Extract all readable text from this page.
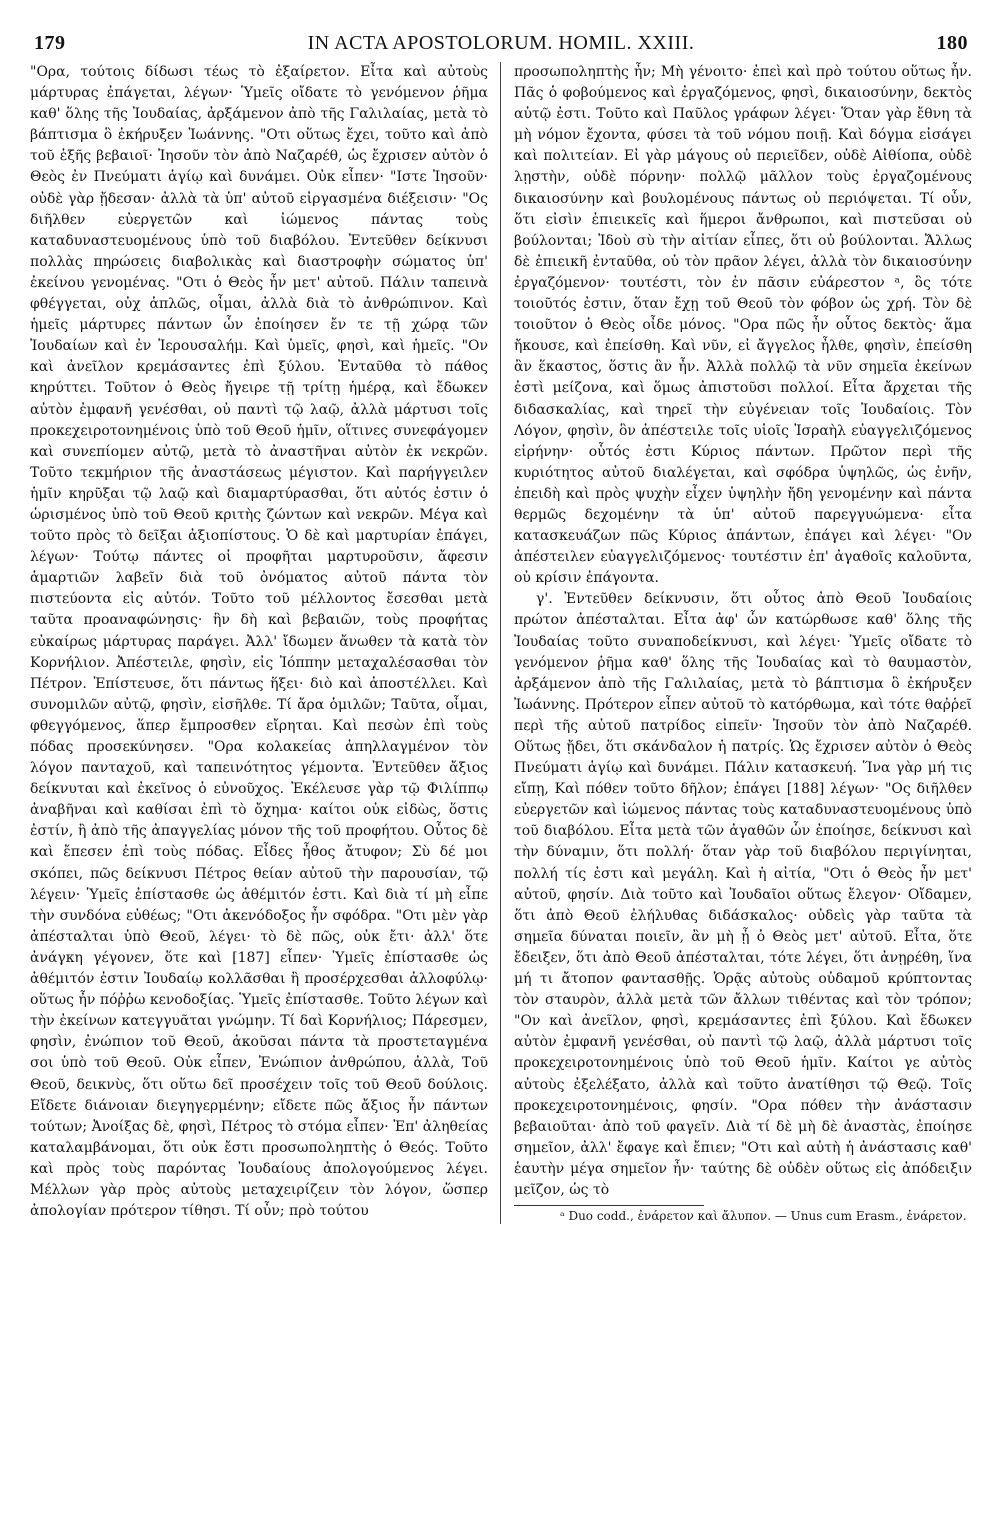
179	IN ACTA APOSTOLORUM. HOMIL. XXIII.	180

"Ορα, τούτοις δίδωσι τέως τὸ ἐξαίρετον. Εἶτα καὶ αὐτοὺς μάρτυρας ἐπάγεται, λέγων· Ὑμεῖς οἴδατε τὸ γενόμενον ῥῆμα καθ' ὅλης τῆς Ἰουδαίας, ἀρξάμενον ἀπὸ τῆς Γαλιλαίας, μετὰ τὸ βάπτισμα ὃ ἐκήρυξεν Ἰωάννης. "Οτι οὕτως ἔχει, τοῦτο καὶ ἀπὸ τοῦ ἑξῆς βεβαιοῖ· Ἰησοῦν τὸν ἀπὸ Ναζαρέθ, ὡς ἔχρισεν αὐτὸν ὁ Θεὸς ἐν Πνεύματι ἁγίῳ καὶ δυνάμει. Οὐκ εἶπεν· "Ιστε Ἰησοῦν· οὐδὲ γὰρ ᾔδεσαν· ἀλλὰ τὰ ὑπ' αὐτοῦ εἰργασμένα διέξεισιν· "Ος διῆλθεν εὐεργετῶν καὶ ἰώμενος πάντας τοὺς καταδυναστευομένους ὑπὸ τοῦ διαβόλου. Ἐντεῦθεν δείκνυσι πολλὰς πηρώσεις διαβολικὰς καὶ διαστροφὴν σώματος ὑπ' ἐκείνου γενομένας. "Οτι ὁ Θεὸς ἦν μετ' αὐτοῦ. Πάλιν ταπεινὰ φθέγγεται, οὐχ ἁπλῶς, οἶμαι, ἀλλὰ διὰ τὸ ἀνθρώπινον. Καὶ ἡμεῖς μάρτυρες πάντων ὧν ἐποίησεν ἔν τε τῇ χώρᾳ τῶν Ἰουδαίων καὶ ἐν Ἱερουσαλήμ. Καὶ ὑμεῖς, φησὶ, καὶ ἡμεῖς. "Ον καὶ ἀνεῖλον κρεμάσαντες ἐπὶ ξύλου. Ἐνταῦθα τὸ πάθος κηρύττει. Τοῦτον ὁ Θεὸς ἤγειρε τῇ τρίτῃ ἡμέρᾳ, καὶ ἔδωκεν αὐτὸν ἐμφανῆ γενέσθαι, οὐ παντὶ τῷ λαῷ, ἀλλὰ μάρτυσι τοῖς προκεχειροτονημένοις ὑπὸ τοῦ Θεοῦ ἡμῖν, οἵτινες συνεφάγομεν καὶ συνεπίομεν αὐτῷ, μετὰ τὸ ἀναστῆναι αὐτὸν ἐκ νεκρῶν. Τοῦτο τεκμήριον τῆς ἀναστάσεως μέγιστον. Καὶ παρήγγειλεν ἡμῖν κηρῦξαι τῷ λαῷ καὶ διαμαρτύρασθαι, ὅτι αὐτός ἐστιν ὁ ὡρισμένος ὑπὸ τοῦ Θεοῦ κριτὴς ζώντων καὶ νεκρῶν. Μέγα καὶ τοῦτο πρὸς τὸ δεῖξαι ἀξιοπίστους. Ὁ δὲ καὶ μαρτυρίαν ἐπάγει, λέγων· Τούτῳ πάντες οἱ προφῆται μαρτυροῦσιν, ἄφεσιν ἁμαρτιῶν λαβεῖν διὰ τοῦ ὀνόματος αὐτοῦ πάντα τὸν πιστεύοντα εἰς αὐτόν. Τοῦτο τοῦ μέλλοντος ἔσεσθαι μετὰ ταῦτα προαναφώνησις· ἣν δὴ καὶ βεβαιῶν, τοὺς προφήτας εὐκαίρως μάρτυρας παράγει. Ἀλλ' ἴδωμεν ἄνωθεν τὰ κατὰ τὸν Κορνήλιον. Ἀπέστειλε, φησὶν, εἰς Ἰόππην μεταχαλέσασθαι τὸν Πέτρον. Ἐπίστευσε, ὅτι πάντως ἥξει· διὸ καὶ ἀποστέλλει. Καὶ συνομιλῶν αὐτῷ, φησὶν, εἰσῆλθε. Τί ἄρα ὁμιλῶν; Ταῦτα, οἶμαι, φθεγγόμενος, ἅπερ ἔμπροσθεν εἴρηται. Καὶ πεσὼν ἐπὶ τοὺς πόδας προσεκύνησεν. "Ορα κολακείας ἀπηλλαγμένον τὸν λόγον πανταχοῦ, καὶ ταπεινότητος γέμοντα. Ἐντεῦθεν ἄξιος δείκνυται καὶ ἐκεῖνος ὁ εὐνοῦχος. Ἐκέλευσε γὰρ τῷ Φιλίππῳ ἀναβῆναι καὶ καθίσαι ἐπὶ τὸ ὄχημα· καίτοι οὐκ εἰδὼς, ὅστις ἐστίν, ἢ ἀπὸ τῆς ἀπαγγελίας μόνον τῆς τοῦ προφήτου. Οὗτος δὲ καὶ ἔπεσεν ἐπὶ τοὺς πόδας. Εἶδες ἦθος ἄτυφον; Σὺ δέ μοι σκόπει, πῶς δείκνυσι Πέτρος θείαν αὐτοῦ τὴν παρουσίαν, τῷ λέγειν· Ὑμεῖς ἐπίστασθε ὡς ἀθέμιτόν ἐστι. Καὶ διὰ τί μὴ εἶπε τὴν συνδόνα εὐθέως; "Οτι ἀκενόδοξος ἦν σφόδρα. "Οτι μὲν γὰρ ἀπέσταλται ὑπὸ Θεοῦ, λέγει· τὸ δὲ πῶς, οὐκ ἔτι· ἀλλ' ὅτε ἀνάγκη γέγονεν, ὅτε καὶ [187] εἶπεν· Ὑμεῖς ἐπίστασθε ὡς ἀθέμιτόν ἐστιν Ἰουδαίῳ κολλᾶσθαι ἢ προσέρχεσθαι ἀλλοφύλῳ· οὕτως ἦν πόῤῥω κενοδοξίας. Ὑμεῖς ἐπίστασθε. Τοῦτο λέγων καὶ τὴν ἐκείνων κατεγγυᾶται γνώμην. Τί δαὶ Κορνήλιος; Πάρεσμεν, φησὶν, ἐνώπιον τοῦ Θεοῦ, ἀκοῦσαι πάντα τὰ προστεταγμένα σοι ὑπὸ τοῦ Θεοῦ. Οὐκ εἶπεν, Ἐνώπιον ἀνθρώπου, ἀλλὰ, Τοῦ Θεοῦ, δεικνὺς, ὅτι οὕτω δεῖ προσέχειν τοῖς τοῦ Θεοῦ δούλοις. Εἴδετε διάνοιαν διεγηγερμένην; εἴδετε πῶς ἄξιος ἦν πάντων τούτων; Ἀνοίξας δὲ, φησὶ, Πέτρος τὸ στόμα εἶπεν· Ἐπ' ἀληθείας καταλαμβάνομαι, ὅτι οὐκ ἔστι προσωποληπτὴς ὁ Θεός. Τοῦτο καὶ πρὸς τοὺς παρόντας Ἰουδαίους ἀπολογούμενος λέγει. Μέλλων γὰρ πρὸς αὐτοὺς μεταχειρίζειν τὸν λόγον, ὥσπερ ἀπολογίαν πρότερον τίθησι. Τί οὖν; πρὸ τούτου

προσωποληπτὴς ἦν; Μὴ γένοιτο· ἐπεὶ καὶ πρὸ τούτου οὕτως ἦν. Πᾶς ὁ φοβούμενος καὶ ἐργαζόμενος, φησὶ, δικαιοσύνην, δεκτὸς αὐτῷ ἐστι. Τοῦτο καὶ Παῦλος γράφων λέγει· Ὅταν γὰρ ἔθνη τὰ μὴ νόμον ἔχοντα, φύσει τὰ τοῦ νόμου ποιῇ. Καὶ δόγμα εἰσάγει καὶ πολιτείαν. Εἰ γὰρ μάγους οὐ περιεῖδεν, οὐδὲ Αἰθίοπα, οὐδὲ λῃστὴν, οὐδὲ πόρνην· πολλῷ μᾶλλον τοὺς ἐργαζομένους δικαιοσύνην καὶ βουλομένους πάντως οὐ περιόψεται. Τί οὖν, ὅτι εἰσὶν ἐπιεικεῖς καὶ ἥμεροι ἄνθρωποι, καὶ πιστεῦσαι οὐ βούλονται; Ἰδοὺ σὺ τὴν αἰτίαν εἶπες, ὅτι οὐ βούλονται. Ἄλλως δὲ ἐπιεικῆ ἐνταῦθα, οὐ τὸν πρᾶον λέγει, ἀλλὰ τὸν δικαιοσύνην ἐργαζόμενον· τουτέστι, τὸν ἐν πᾶσιν εὐάρεστον ᵃ, ὃς τότε τοιοῦτός ἐστιν, ὅταν ἔχῃ τοῦ Θεοῦ τὸν φόβον ὡς χρή. Τὸν δὲ τοιοῦτον ὁ Θεὸς οἶδε μόνος. "Ορα πῶς ἦν οὗτος δεκτὸς· ἅμα ἤκουσε, καὶ ἐπείσθη. Καὶ νῦν, εἰ ἄγγελος ἦλθε, φησὶν, ἐπείσθη ἂν ἕκαστος, ὅστις ἂν ἦν. Ἀλλὰ πολλῷ τὰ νῦν σημεῖα ἐκείνων ἐστὶ μείζονα, καὶ ὅμως ἀπιστοῦσι πολλοί. Εἶτα ἄρχεται τῆς διδασκαλίας, καὶ τηρεῖ τὴν εὐγένειαν τοῖς Ἰουδαίοις. Τὸν Λόγον, φησὶν, ὃν ἀπέστειλε τοῖς υἱοῖς Ἰσραὴλ εὐαγγελιζόμενος εἰρήνην· οὗτός ἐστι Κύριος πάντων. Πρῶτον περὶ τῆς κυριότητος αὐτοῦ διαλέγεται, καὶ σφόδρα ὑψηλῶς, ὡς ἐνῆν, ἐπειδὴ καὶ πρὸς ψυχὴν εἶχεν ὑψηλὴν ἤδη γενομένην καὶ πάντα θερμῶς δεχομένην τὰ ὑπ' αὐτοῦ παρεγγυώμενα· εἶτα κατασκευάζων πῶς Κύριος ἁπάντων, ἐπάγει καὶ λέγει· "Ον ἀπέστειλεν εὐαγγελιζόμενος· τουτέστιν ἐπ' ἀγαθοῖς καλοῦντα, οὐ κρίσιν ἐπάγοντα.

γ'. Ἐντεῦθεν δείκνυσιν, ὅτι οὗτος ἀπὸ Θεοῦ Ἰουδαίοις πρώτον ἀπέσταλται. Εἶτα ἀφ' ὧν κατώρθωσε καθ' ὅλης τῆς Ἰουδαίας τοῦτο συναποδείκνυσι, καὶ λέγει· Ὑμεῖς οἴδατε τὸ γενόμενον ῥῆμα καθ' ὅλης τῆς Ἰουδαίας καὶ τὸ θαυμαστὸν, ἀρξάμενον ἀπὸ τῆς Γαλιλαίας, μετὰ τὸ βάπτισμα ὃ ἐκήρυξεν Ἰωάννης. Πρότερον εἶπεν αὐτοῦ τὸ κατόρθωμα, καὶ τότε θαῤῥεῖ περὶ τῆς αὐτοῦ πατρίδος εἰπεῖν· Ἰησοῦν τὸν ἀπὸ Ναζαρέθ. Οὕτως ᾔδει, ὅτι σκάνδαλον ἡ πατρίς. Ὡς ἔχρισεν αὐτὸν ὁ Θεὸς Πνεύματι ἁγίῳ καὶ δυνάμει. Πάλιν κατασκευή. Ἵνα γὰρ μή τις εἴπῃ, Καὶ πόθεν τοῦτο δῆλον; ἐπάγει [188] λέγων· "Ος διῆλθεν εὐεργετῶν καὶ ἰώμενος πάντας τοὺς καταδυναστευομένους ὑπὸ τοῦ διαβόλου. Εἶτα μετὰ τῶν ἀγαθῶν ὧν ἐποίησε, δείκνυσι καὶ τὴν δύναμιν, ὅτι πολλή· ὅταν γὰρ τοῦ διαβόλου περιγίνηται, πολλή τίς ἐστι καὶ μεγάλη. Καὶ ἡ αἰτία, "Οτι ὁ Θεὸς ἦν μετ' αὐτοῦ, φησίν. Διὰ τοῦτο καὶ Ἰουδαῖοι οὕτως ἔλεγον· Οἴδαμεν, ὅτι ἀπὸ Θεοῦ ἐλήλυθας διδάσκαλος· οὐδεὶς γὰρ ταῦτα τὰ σημεῖα δύναται ποιεῖν, ἂν μὴ ᾖ ὁ Θεὸς μετ' αὐτοῦ. Εἶτα, ὅτε ἔδειξεν, ὅτι ἀπὸ Θεοῦ ἀπέσταλται, τότε λέγει, ὅτι ἀνῃρέθη, ἵνα μή τι ἄτοπον φαντασθῇς. Ὁρᾷς αὐτοὺς οὐδαμοῦ κρύπτοντας τὸν σταυρὸν, ἀλλὰ μετὰ τῶν ἄλλων τιθέντας καὶ τὸν τρόπον; "Ον καὶ ἀνεῖλον, φησὶ, κρεμάσαντες ἐπὶ ξύλου. Καὶ ἔδωκεν αὐτὸν ἐμφανῆ γενέσθαι, οὐ παντὶ τῷ λαῷ, ἀλλὰ μάρτυσι τοῖς προκεχειροτονημένοις ὑπὸ τοῦ Θεοῦ ἡμῖν. Καίτοι γε αὐτὸς αὐτοὺς ἐξελέξατο, ἀλλὰ καὶ τοῦτο ἀνατίθησι τῷ Θεῷ. Τοῖς προκεχειροτονημένοις, φησίν. "Ορα πόθεν τὴν ἀνάστασιν βεβαιοῦται· ἀπὸ τοῦ φαγεῖν. Διὰ τί δὲ μὴ δὲ ἀναστὰς, ἐποίησε σημεῖον, ἀλλ' ἔφαγε καὶ ἔπιεν; "Οτι καὶ αὐτὴ ἡ ἀνάστασις καθ' ἑαυτὴν μέγα σημεῖον ἦν· ταύτης δὲ οὐδὲν οὕτως εἰς ἀπόδειξιν μεῖζον, ὡς τὸ

ᵃ Duo codd., ἐνάρετον καὶ ἄλυπον. — Unus cum Erasm., ἐνάρετον.
